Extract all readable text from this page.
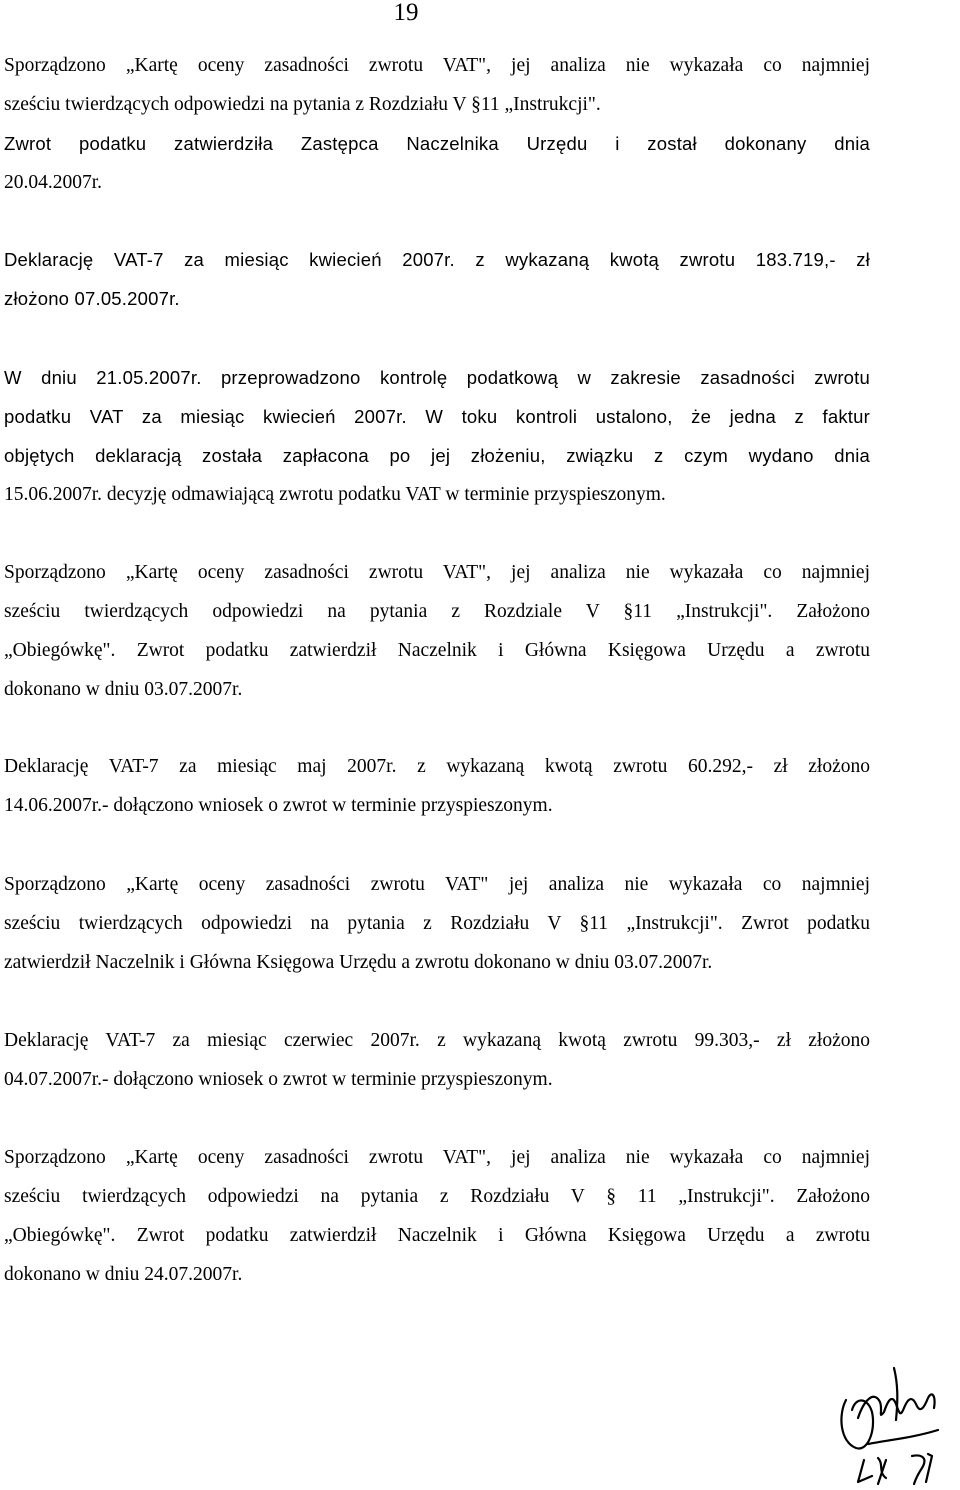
19
Sporządzono „Kartę oceny zasadności zwrotu VAT", jej analiza nie wykazała co najmniej
sześciu twierdzących odpowiedzi na pytania z Rozdziału V §11 „Instrukcji".
Zwrot podatku zatwierdziła Zastępca Naczelnika Urzędu i został dokonany dnia
20.04.2007r.
Deklarację VAT-7 za miesiąc kwiecień 2007r. z wykazaną kwotą zwrotu 183.719,- zł
złożono 07.05.2007r.
W dniu 21.05.2007r. przeprowadzono kontrolę podatkową w zakresie zasadności zwrotu
podatku VAT za miesiąc kwiecień 2007r. W toku kontroli ustalono, że jedna z faktur
objętych deklaracją została zapłacona po jej złożeniu, związku z czym wydano dnia
15.06.2007r. decyzję odmawiającą zwrotu podatku VAT w terminie przyspieszonym.
Sporządzono „Kartę oceny zasadności zwrotu VAT", jej analiza nie wykazała co najmniej
sześciu twierdzących odpowiedzi na pytania z Rozdziale V §11 „Instrukcji". Założono
„Obiegówkę". Zwrot podatku zatwierdził Naczelnik i Główna Księgowa Urzędu a zwrotu
dokonano w dniu 03.07.2007r.
Deklarację VAT-7 za miesiąc maj 2007r. z wykazaną kwotą zwrotu 60.292,- zł złożono
14.06.2007r.- dołączono wniosek o zwrot w terminie przyspieszonym.
Sporządzono „Kartę oceny zasadności zwrotu VAT" jej analiza nie wykazała co najmniej
sześciu twierdzących odpowiedzi na pytania z Rozdziału V §11 „Instrukcji". Zwrot podatku
zatwierdził Naczelnik i Główna Księgowa Urzędu a zwrotu dokonano w dniu 03.07.2007r.
Deklarację VAT-7 za miesiąc czerwiec 2007r. z wykazaną kwotą zwrotu 99.303,- zł złożono
04.07.2007r.- dołączono wniosek o zwrot w terminie przyspieszonym.
Sporządzono „Kartę oceny zasadności zwrotu VAT", jej analiza nie wykazała co najmniej
sześciu twierdzących odpowiedzi na pytania z Rozdziału V § 11 „Instrukcji". Założono
„Obiegówkę". Zwrot podatku zatwierdził Naczelnik i Główna Księgowa Urzędu a zwrotu
dokonano w dniu 24.07.2007r.
